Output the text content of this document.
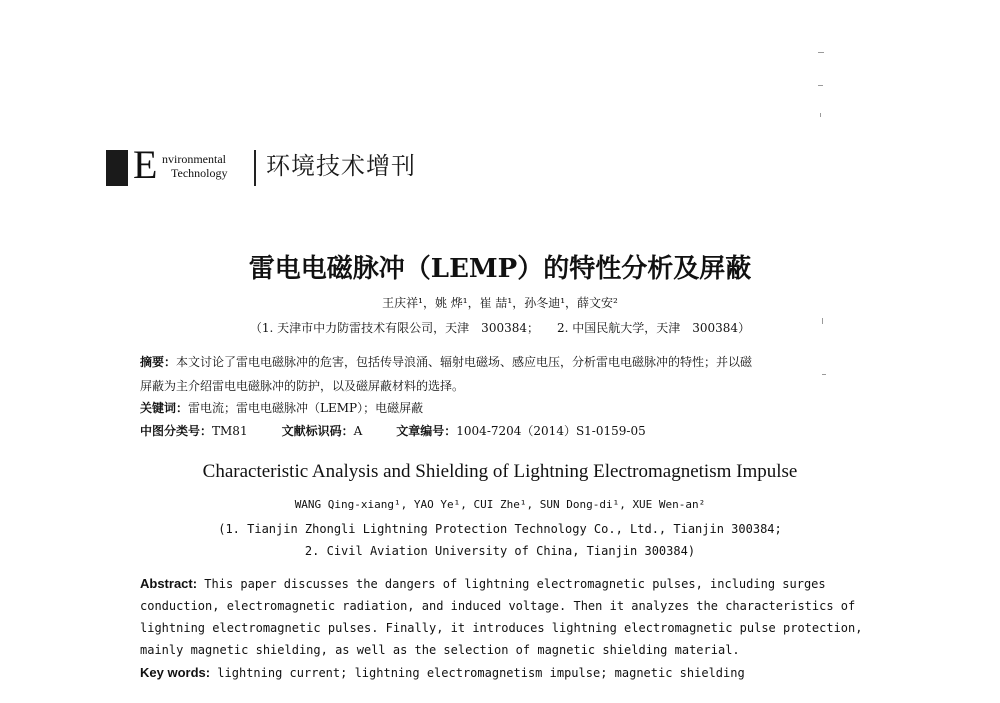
E nvironmental
Technology 环境技术增刊
雷电电磁脉冲（LEMP）的特性分析及屏蔽
王庆祥¹，姚 烨¹，崔 喆¹，孙冬迪¹，薛文安²
（1. 天津市中力防雷技术有限公司，天津　300384；　　2. 中国民航大学，天津　300384）
摘要：本文讨论了雷电电磁脉冲的危害，包括传导浪涌、辐射电磁场、感应电压，分析雷电电磁脉冲的特性；并以磁
屏蔽为主介绍雷电电磁脉冲的防护，以及磁屏蔽材料的选择。
关键词：雷电流；雷电电磁脉冲（LEMP）；电磁屏蔽
中图分类号：TM81	文献标识码：A	文章编号：1004-7204（2014）S1-0159-05
Characteristic Analysis and Shielding of Lightning Electromagnetism Impulse
WANG Qing-xiang¹, YAO Ye¹, CUI Zhe¹, SUN Dong-di¹, XUE Wen-an²
(1. Tianjin Zhongli Lightning Protection Technology Co., Ltd., Tianjin 300384;
2. Civil Aviation University of China, Tianjin 300384)
Abstract: This paper discusses the dangers of lightning electromagnetic pulses, including surges
conduction, electromagnetic radiation, and induced voltage. Then it analyzes the characteristics of
lightning electromagnetic pulses. Finally, it introduces lightning electromagnetic pulse protection,
mainly magnetic shielding, as well as the selection of magnetic shielding material.
Key words: lightning current; lightning electromagnetism impulse; magnetic shielding
